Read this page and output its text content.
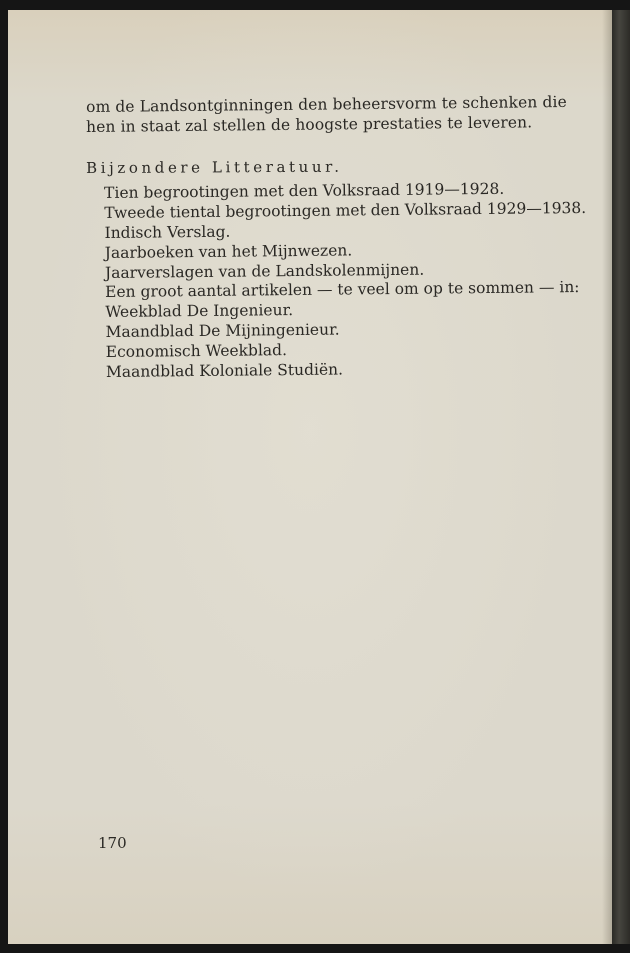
om de Landsontginningen den beheersvorm te schenken die
hen in staat zal stellen de hoogste prestaties te leveren.
Bijzondere Litteratuur.
Tien begrootingen met den Volksraad 1919—1928.
Tweede tiental begrootingen met den Volksraad 1929—1938.
Indisch Verslag.
Jaarboeken van het Mijnwezen.
Jaarverslagen van de Landskolenmijnen.
Een groot aantal artikelen — te veel om op te sommen — in:
Weekblad De Ingenieur.
Maandblad De Mijningenieur.
Economisch Weekblad.
Maandblad Koloniale Studiën.
170
